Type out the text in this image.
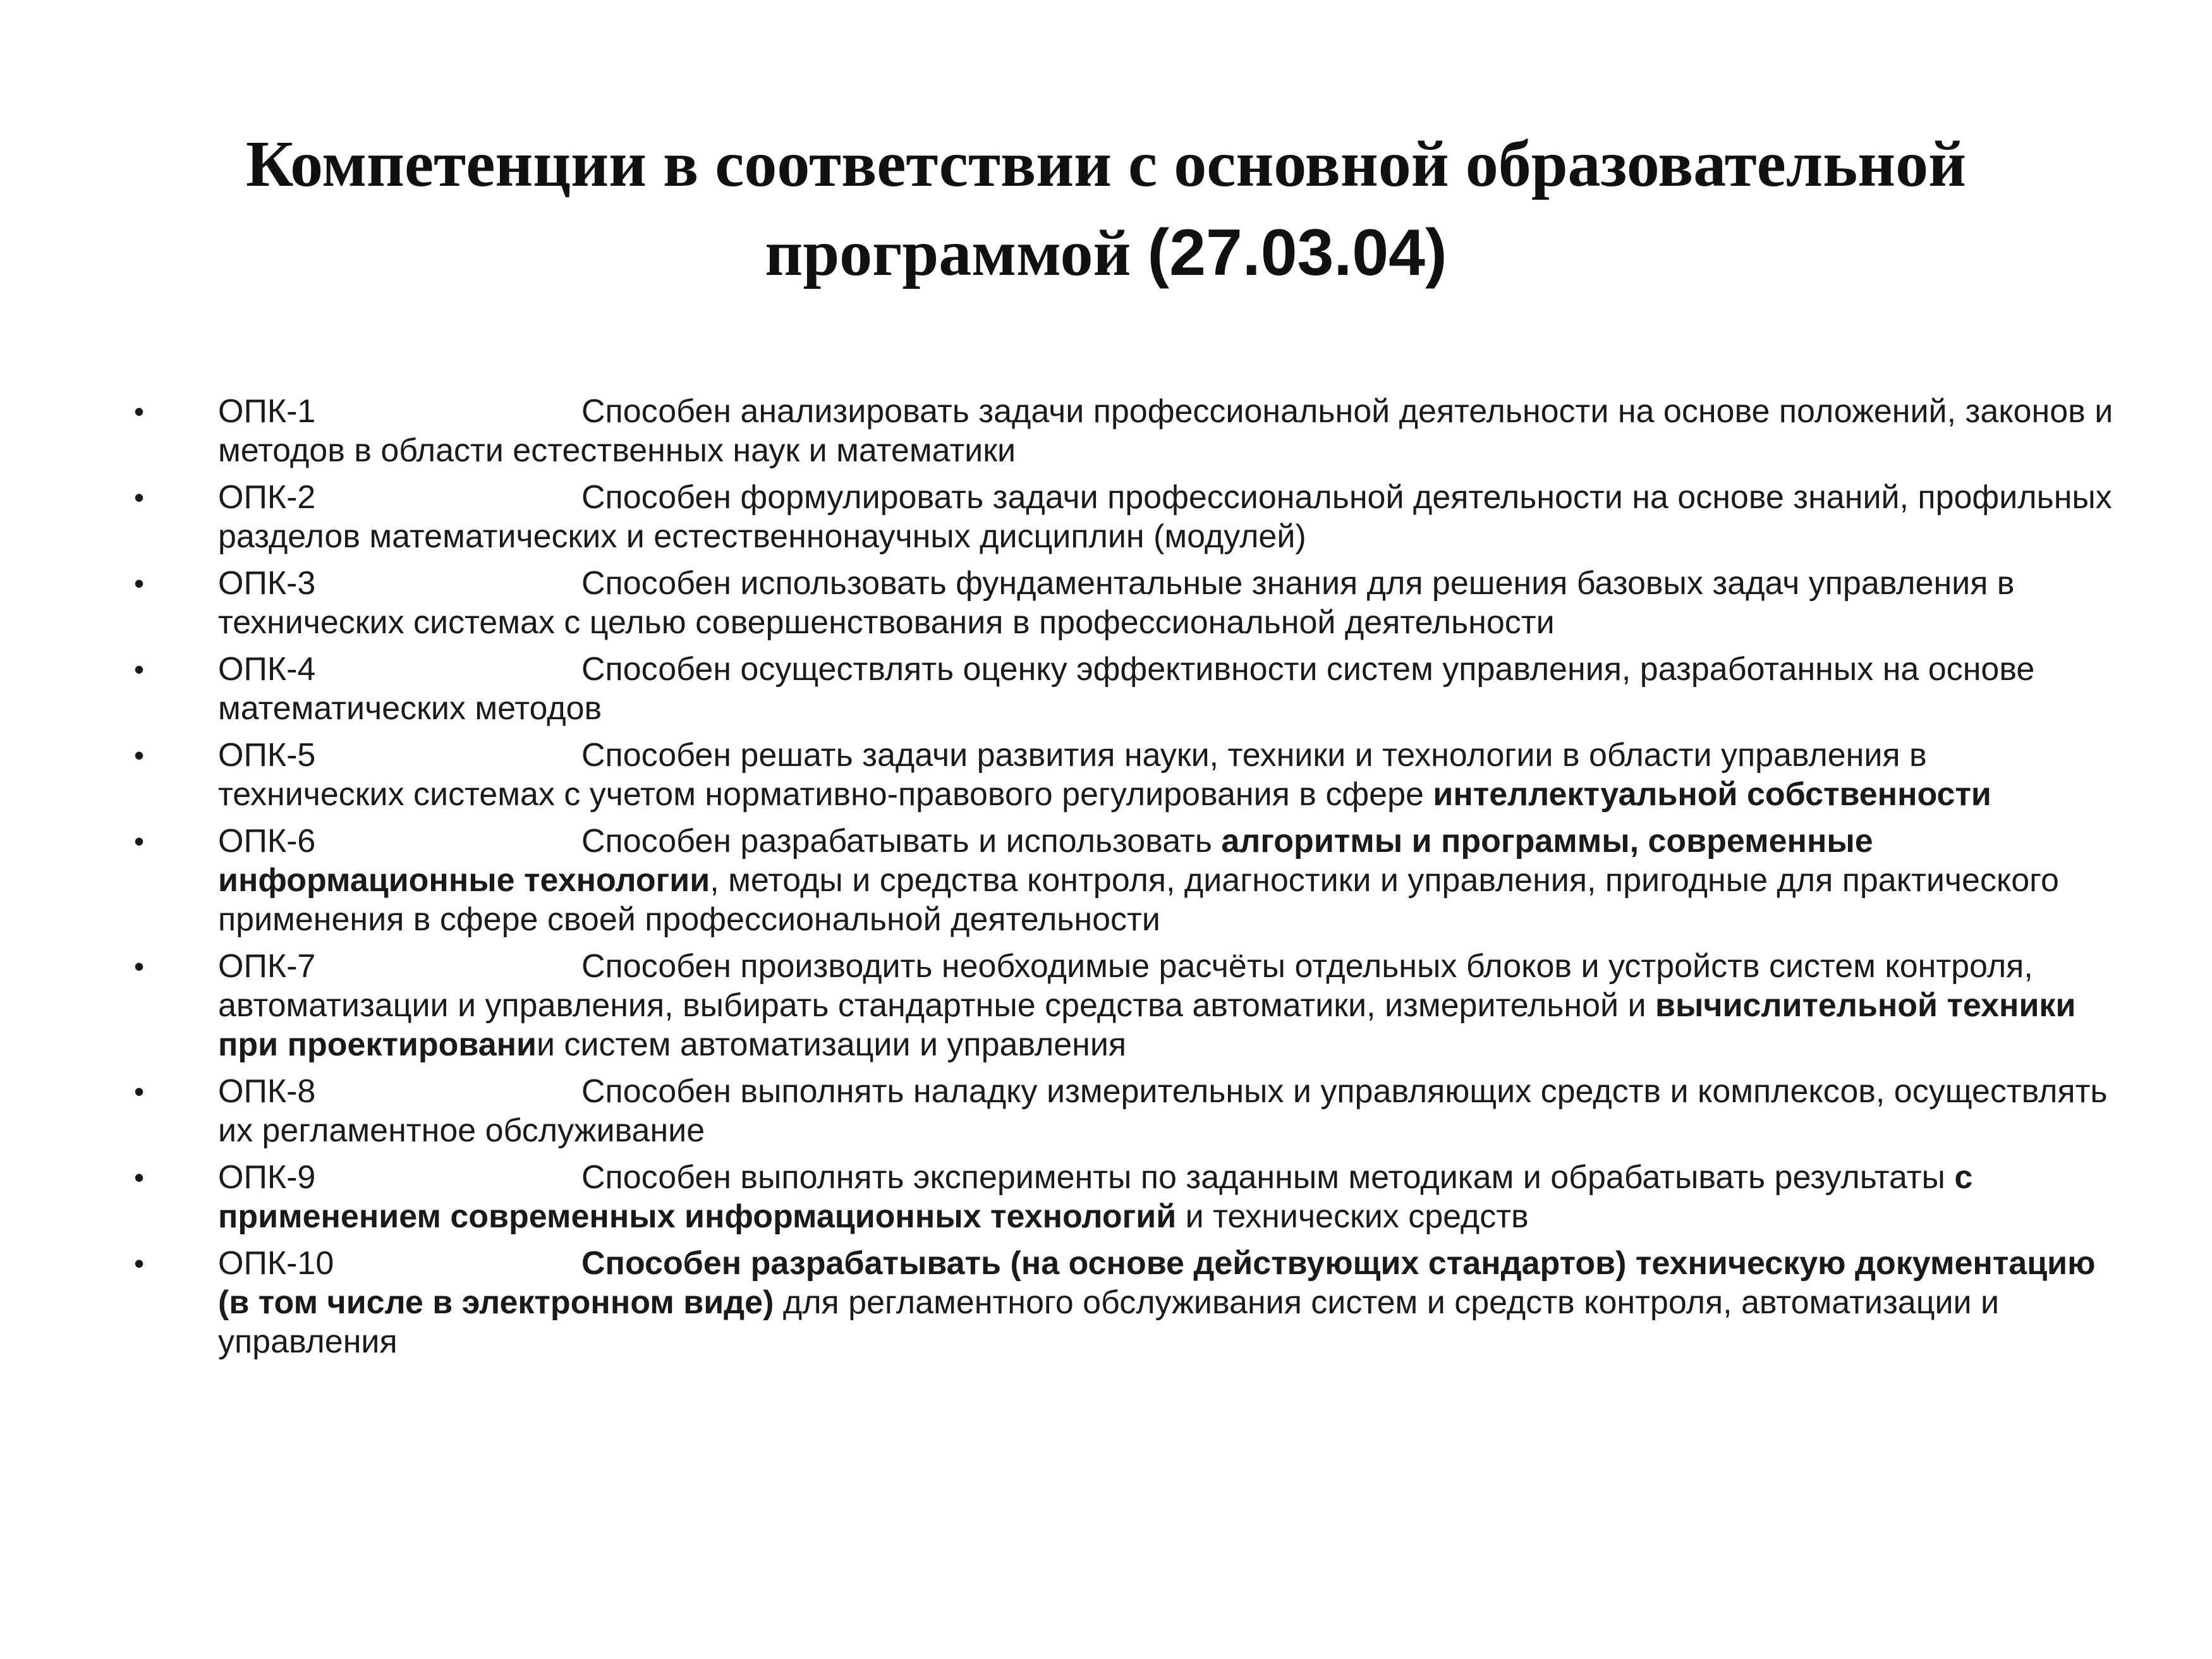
Компетенции в соответствии с основной образовательной программой (27.03.04)
• ОПК-1	Способен анализировать задачи профессиональной деятельности на основе положений, законов и методов в области естественных наук и математики
• ОПК-2	Способен формулировать задачи профессиональной деятельности на основе знаний, профильных разделов математических и естественнонаучных дисциплин (модулей)
• ОПК-3	Способен использовать фундаментальные знания для решения базовых задач управления в технических системах с целью совершенствования в профессиональной деятельности
• ОПК-4	Способен осуществлять оценку эффективности систем управления, разработанных на основе математических методов
• ОПК-5	Способен решать задачи развития науки, техники и технологии в области управления в технических системах с учетом нормативно-правового регулирования в сфере интеллектуальной собственности
• ОПК-6	Способен разрабатывать и использовать алгоритмы и программы, современные информационные технологии, методы и средства контроля, диагностики и управления, пригодные для практического применения в сфере своей профессиональной деятельности
• ОПК-7	Способен производить необходимые расчёты отдельных блоков и устройств систем контроля, автоматизации и управления, выбирать стандартные средства автоматики, измерительной и вычислительной техники при проектировании систем автоматизации и управления
• ОПК-8	Способен выполнять наладку измерительных и управляющих средств и комплексов, осуществлять их регламентное обслуживание
• ОПК-9	Способен выполнять эксперименты по заданным методикам и обрабатывать результаты с применением современных информационных технологий и технических средств
• ОПК-10	Способен разрабатывать (на основе действующих стандартов) техническую документацию (в том числе в электронном виде) для регламентного обслуживания систем и средств контроля, автоматизации и управления
